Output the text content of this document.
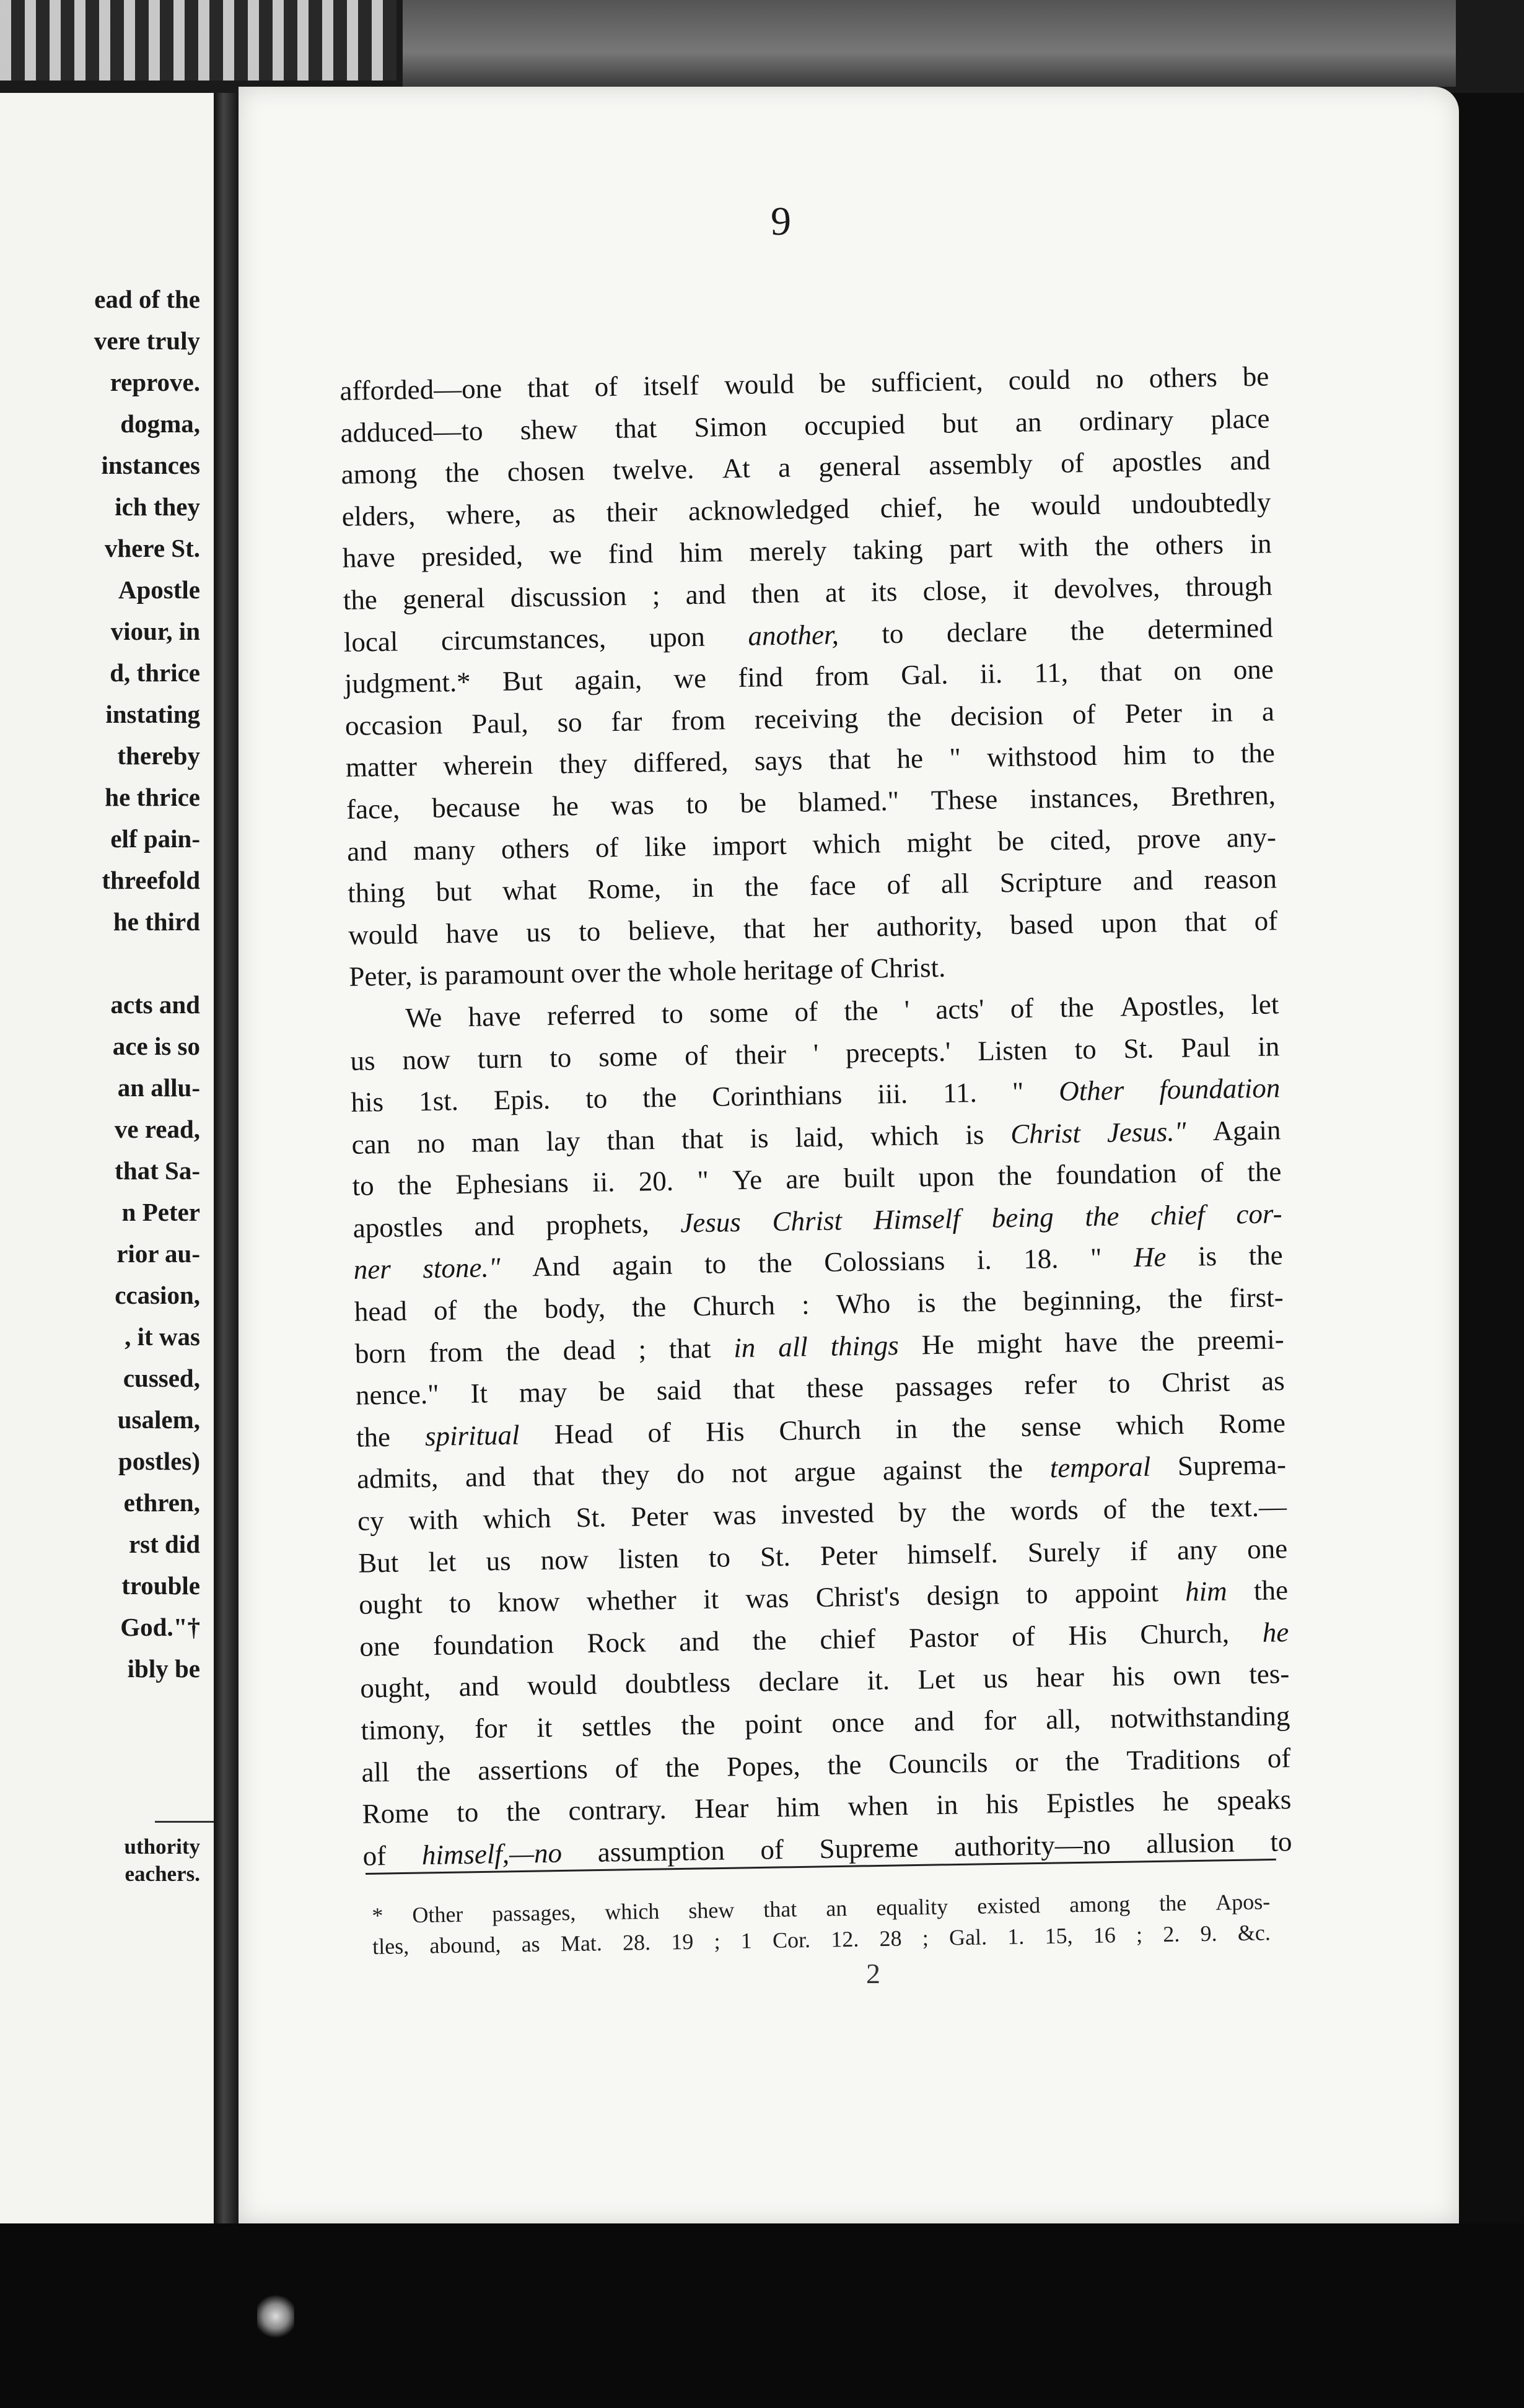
ead of the
vere truly
reprove.
dogma,
instances
ich they
vhere St.
Apostle
viour, in
d, thrice
instating
thereby
he thrice
elf pain-
threefold
he third
acts and
ace is so
an allu-
ve read,
that Sa-
n Peter
rior au-
ccasion,
, it was
cussed,
usalem,
postles)
ethren,
rst did
trouble
God."†
ibly be
uthority
eachers.
9
afforded—one that of itself would be sufficient, could no others be
adduced—to shew that Simon occupied but an ordinary place
among the chosen twelve. At a general assembly of apostles and
elders, where, as their acknowledged chief, he would undoubtedly
have presided, we find him merely taking part with the others in
the general discussion ; and then at its close, it devolves, through
local circumstances, upon another, to declare the determined
judgment.* But again, we find from Gal. ii. 11, that on one
occasion Paul, so far from receiving the decision of Peter in a
matter wherein they differed, says that he " withstood him to the
face, because he was to be blamed." These instances, Brethren,
and many others of like import which might be cited, prove any-
thing but what Rome, in the face of all Scripture and reason
would have us to believe, that her authority, based upon that of
Peter, is paramount over the whole heritage of Christ.
We have referred to some of the ' acts' of the Apostles, let
us now turn to some of their ' precepts.' Listen to St. Paul in
his 1st. Epis. to the Corinthians iii. 11. " Other foundation
can no man lay than that is laid, which is Christ Jesus." Again
to the Ephesians ii. 20. " Ye are built upon the foundation of the
apostles and prophets, Jesus Christ Himself being the chief cor-
ner stone." And again to the Colossians i. 18. " He is the
head of the body, the Church : Who is the beginning, the first-
born from the dead ; that in all things He might have the preemi-
nence." It may be said that these passages refer to Christ as
the spiritual Head of His Church in the sense which Rome
admits, and that they do not argue against the temporal Suprema-
cy with which St. Peter was invested by the words of the text.—
But let us now listen to St. Peter himself. Surely if any one
ought to know whether it was Christ's design to appoint him the
one foundation Rock and the chief Pastor of His Church, he
ought, and would doubtless declare it. Let us hear his own tes-
timony, for it settles the point once and for all, notwithstanding
all the assertions of the Popes, the Councils or the Traditions of
Rome to the contrary. Hear him when in his Epistles he speaks
of himself,—no assumption of Supreme authority—no allusion to
* Other passages, which shew that an equality existed among the Apos-
tles, abound, as Mat. 28. 19 ; 1 Cor. 12. 28 ; Gal. 1. 15, 16 ; 2. 9. &c.
2
